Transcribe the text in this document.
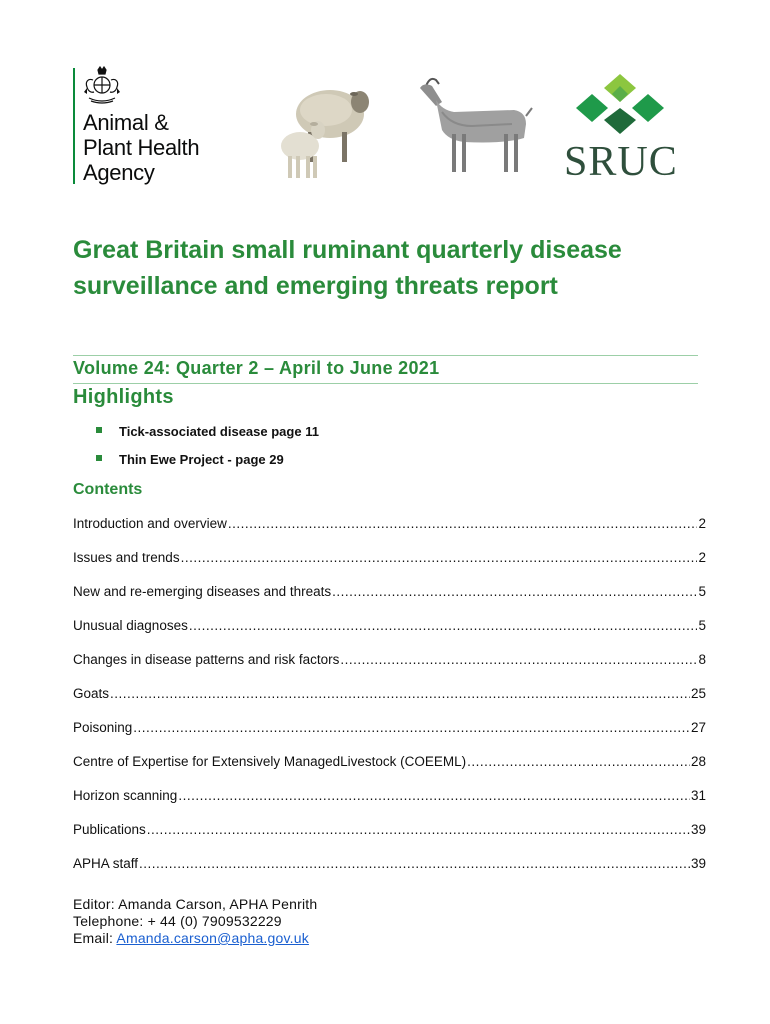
Animal &
Plant Health
Agency	SRUC
Great Britain small ruminant quarterly disease surveillance and emerging threats report
Volume 24: Quarter 2 – April to June 2021
Highlights
Tick-associated disease page 11
Thin Ewe Project - page 29
Contents
Introduction and overview .....	2
Issues and trends .....	2
New and re-emerging diseases and threats .....	5
Unusual diagnoses .....	5
Changes in disease patterns and risk factors .....	8
Goats .....	25
Poisoning .....	27
Centre of Expertise for Extensively ManagedLivestock (COEEML) .....	28
Horizon scanning .....	31
Publications .....	39
APHA staff .....	39
Editor: Amanda Carson, APHA Penrith
Telephone: + 44 (0) 7909532229
Email: Amanda.carson@apha.gov.uk
